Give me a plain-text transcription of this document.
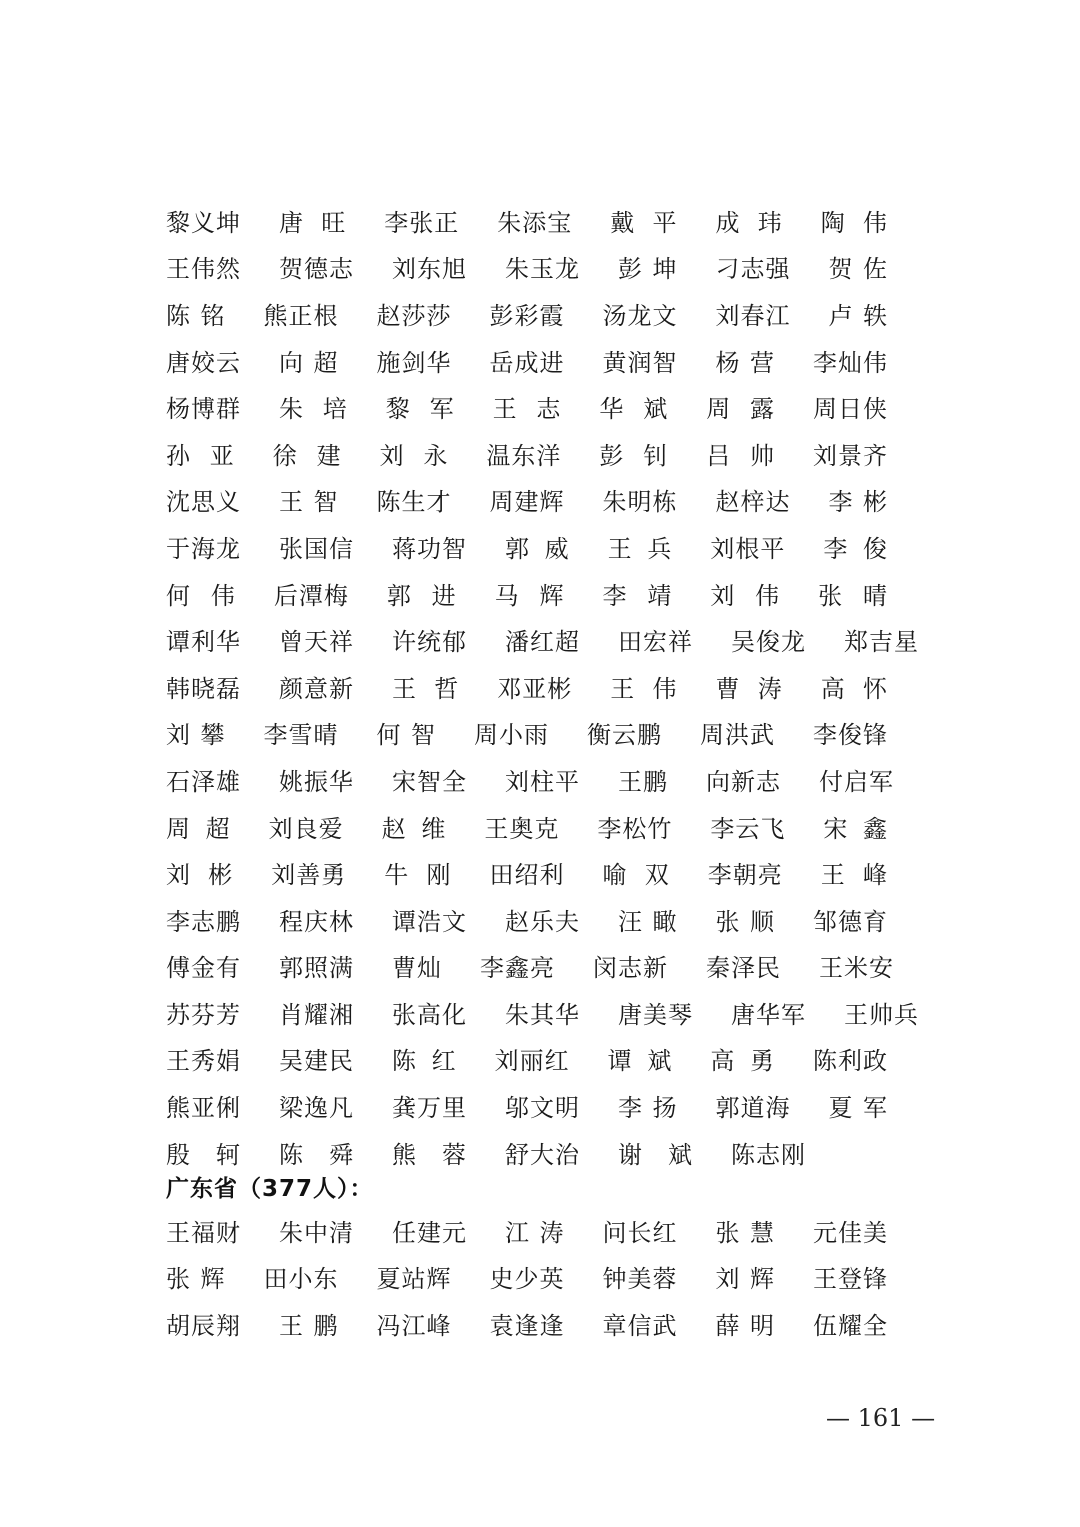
黎 义 坤 唐 旺 李 张 正 朱 添 宝 戴 平 成 玮 陶 伟
王 伟 然 贺 德 志 刘 东 旭 朱 玉 龙 彭 坤 刁 志 强 贺 佐
陈 铭 熊 正 根 赵 莎 莎 彭 彩 霞 汤 龙 文 刘 春 江 卢 轶
唐 姣 云 向 超 施 剑 华 岳 成 进 黄 润 智 杨 营 李 灿 伟
杨 博 群 朱 培 黎 军 王 志 华 斌 周 露 周 日 侠
孙 亚 徐 建 刘 永 温 东 洋 彭 钊 吕 帅 刘 景 齐
沈 思 义 王 智 陈 生 才 周 建 辉 朱 明 栋 赵 梓 达 李 彬
于 海 龙 张 国 信 蒋 功 智 郭 威 王 兵 刘 根 平 李 俊
何 伟 后 潭 梅 郭 进 马 辉 李 靖 刘 伟 张 晴
谭 利 华 曾 天 祥 许 统 郁 潘 红 超 田 宏 祥 吴 俊 龙 郑 吉 星
韩 晓 磊 颜 意 新 王 哲 邓 亚 彬 王 伟 曹 涛 高 怀
刘 攀 李 雪 晴 何 智 周 小 雨 衡 云 鹏 周 洪 武 李 俊 锋
石 泽 雄 姚 振 华 宋 智 全 刘 柱 平 王 鹏 向 新 志 付 启 军
周 超 刘 良 爱 赵 维 王 奥 克 李 松 竹 李 云 飞 宋 鑫
刘 彬 刘 善 勇 牛 刚 田 绍 利 喻 双 李 朝 亮 王 峰
李 志 鹏 程 庆 林 谭 浩 文 赵 乐 夫 汪 瞰 张 顺 邹 德 育
傅 金 有 郭 照 满 曹 灿 李 鑫 亮 闵 志 新 秦 泽 民 王 米 安
苏 芬 芳 肖 耀 湘 张 高 化 朱 其 华 唐 美 琴 唐 华 军 王 帅 兵
王 秀 娟 吴 建 民 陈 红 刘 丽 红 谭 斌 高 勇 陈 利 政
熊 亚 俐 梁 逸 凡 龚 万 里 邬 文 明 李 扬 郭 道 海 夏 军
殷 轲 陈 舜 熊 蓉 舒 大 治 谢 斌 陈 志 刚
广东省（377人）：
王 福 财 朱 中 清 任 建 元 江 涛 问 长 红 张 慧 元 佳 美
张 辉 田 小 东 夏 站 辉 史 少 英 钟 美 蓉 刘 辉 王 登 锋
胡 辰 翔 王 鹏 冯 江 峰 袁 逢 逢 章 信 武 薛 明 伍 耀 全
— 161 —
